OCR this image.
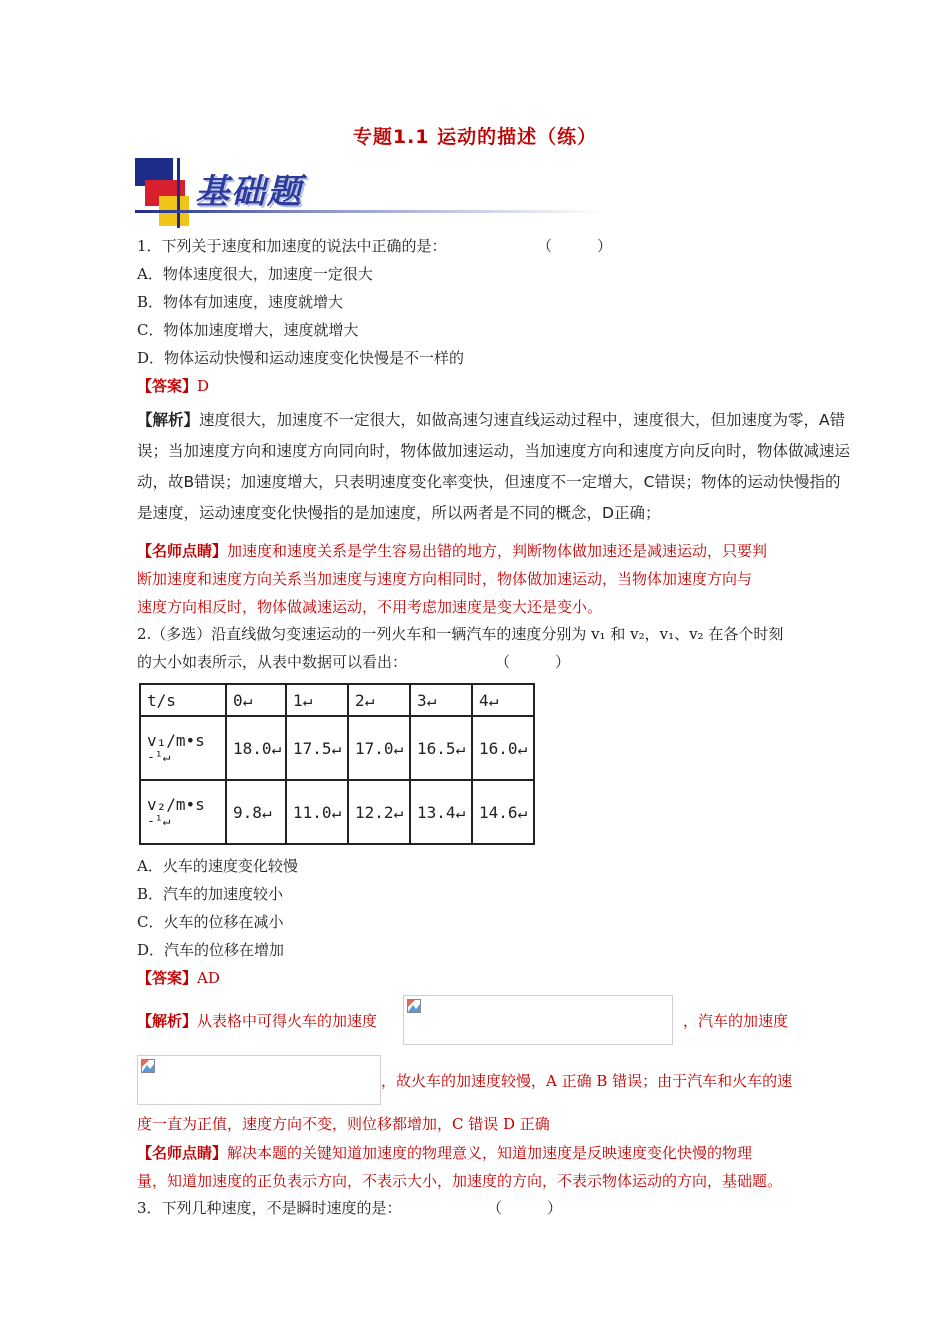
专题1.1 运动的描述（练）
基础题
1．下列关于速度和加速度的说法中正确的是：	（　　　）
A．物体速度很大，加速度一定很大
B．物体有加速度，速度就增大
C．物体加速度增大，速度就增大
D．物体运动快慢和运动速度变化快慢是不一样的
【答案】D
【解析】速度很大，加速度不一定很大，如做高速匀速直线运动过程中，速度很大，但加速度为零，A错
误；当加速度方向和速度方向同向时，物体做加速运动，当加速度方向和速度方向反向时，物体做减速运
动，故B错误；加速度增大，只表明速度变化率变快，但速度不一定增大，C错误；物体的运动快慢指的
是速度，运动速度变化快慢指的是加速度，所以两者是不同的概念，D正确；
【名师点睛】加速度和速度关系是学生容易出错的地方，判断物体做加速还是减速运动，只要判
断加速度和速度方向关系当加速度与速度方向相同时，物体做加速运动，当物体加速度方向与
速度方向相反时，物体做减速运动，不用考虑加速度是变大还是变小。
2.（多选）沿直线做匀变速运动的一列火车和一辆汽车的速度分别为 v₁ 和 v₂，v₁、v₂ 在各个时刻
的大小如表所示，从表中数据可以看出：	（　　　）
t/s	0↵	1↵	2↵	3↵	4↵

v₁/m•s
-¹↵	18.0↵	17.5↵	17.0↵	16.5↵	16.0↵

v₂/m•s
-¹↵	9.8↵	11.0↵	12.2↵	13.4↵	14.6↵
A．火车的速度变化较慢
B．汽车的加速度较小
C．火车的位移在减小
D．汽车的位移在增加
【答案】AD
【解析】从表格中可得火车的加速度	，汽车的加速度
，故火车的加速度较慢，A 正确 B 错误；由于汽车和火车的速
度一直为正值，速度方向不变，则位移都增加，C 错误 D 正确
【名师点睛】解决本题的关键知道加速度的物理意义，知道加速度是反映速度变化快慢的物理
量，知道加速度的正负表示方向，不表示大小，加速度的方向，不表示物体运动的方向，基础题。
3．下列几种速度，不是瞬时速度的是：	（　　　）
